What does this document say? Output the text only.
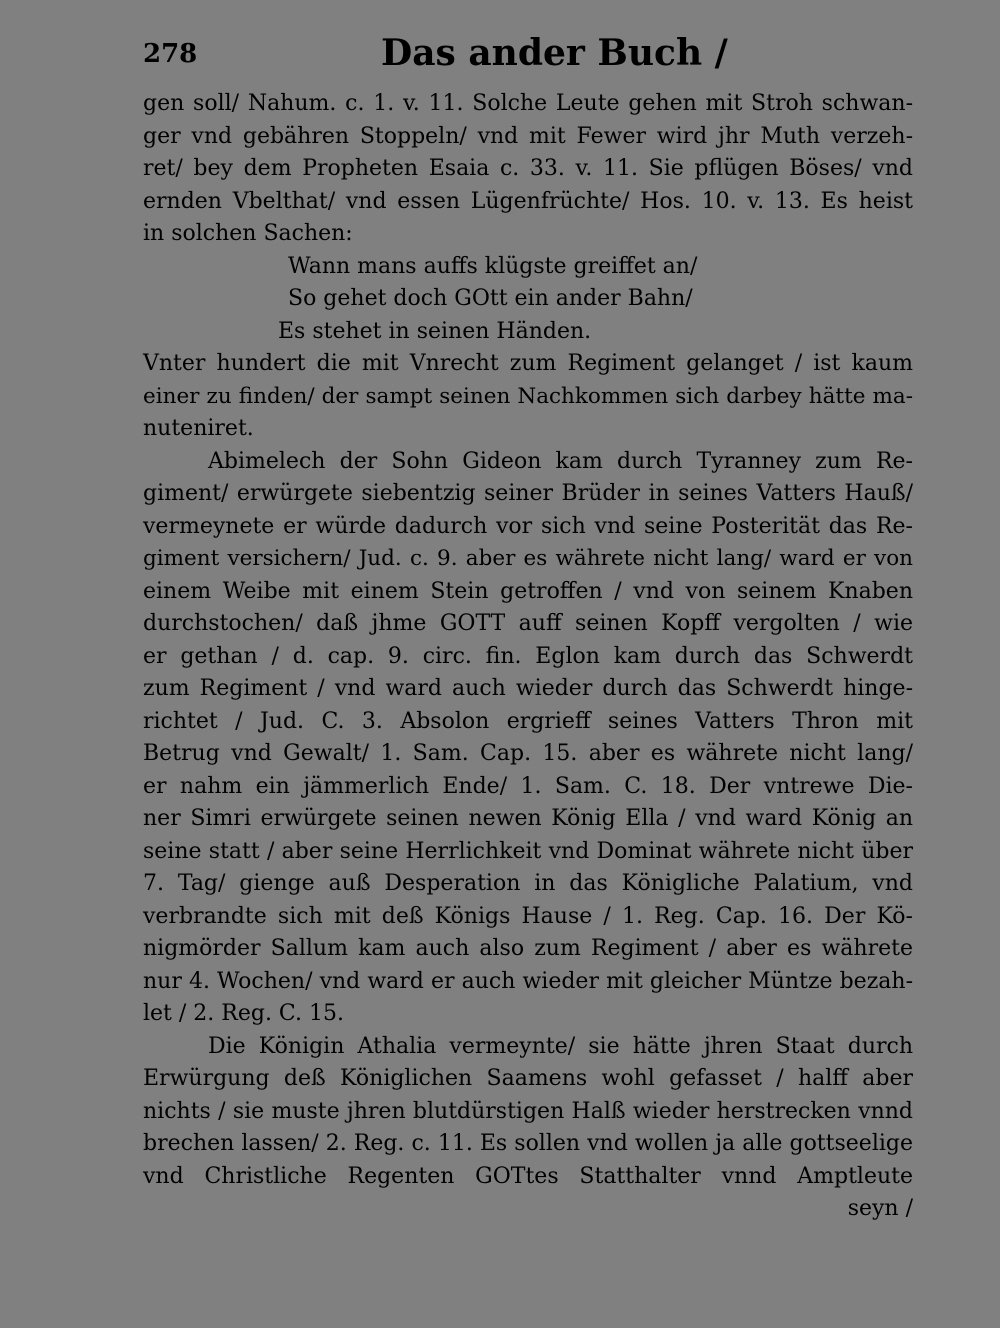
278	Das ander Buch /
gen soll/ Nahum. c. 1. v. 11. Solche Leute gehen mit Stroh schwan-
ger vnd gebähren Stoppeln/ vnd mit Fewer wird jhr Muth verzeh-
ret/ bey dem Propheten Esaia c. 33. v. 11. Sie pflügen Böses/ vnd
ernden Vbelthat/ vnd essen Lügenfrüchte/ Hos. 10. v. 13. Es heist
in solchen Sachen:
Wann mans auffs klügste greiffet an/
So gehet doch GOtt ein ander Bahn/
Es stehet in seinen Händen.
Vnter hundert die mit Vnrecht zum Regiment gelanget / ist kaum
einer zu finden/ der sampt seinen Nachkommen sich darbey hätte ma-
nuteniret.
Abimelech der Sohn Gideon kam durch Tyranney zum Re-
giment/ erwürgete siebentzig seiner Brüder in seines Vatters Hauß/
vermeynete er würde dadurch vor sich vnd seine Posterität das Re-
giment versichern/ Jud. c. 9. aber es währete nicht lang/ ward er von
einem Weibe mit einem Stein getroffen / vnd von seinem Knaben
durchstochen/ daß jhme GOTT auff seinen Kopff vergolten / wie
er gethan / d. cap. 9. circ. fin. Eglon kam durch das Schwerdt
zum Regiment / vnd ward auch wieder durch das Schwerdt hinge-
richtet / Jud. C. 3. Absolon ergrieff seines Vatters Thron mit
Betrug vnd Gewalt/ 1. Sam. Cap. 15. aber es währete nicht lang/
er nahm ein jämmerlich Ende/ 1. Sam. C. 18. Der vntrewe Die-
ner Simri erwürgete seinen newen König Ella / vnd ward König an
seine statt / aber seine Herrlichkeit vnd Dominat währete nicht über
7. Tag/ gienge auß Desperation in das Königliche Palatium, vnd
verbrandte sich mit deß Königs Hause / 1. Reg. Cap. 16. Der Kö-
nigmörder Sallum kam auch also zum Regiment / aber es währete
nur 4. Wochen/ vnd ward er auch wieder mit gleicher Müntze bezah-
let / 2. Reg. C. 15.
Die Königin Athalia vermeynte/ sie hätte jhren Staat durch
Erwürgung deß Königlichen Saamens wohl gefasset / halff aber
nichts / sie muste jhren blutdürstigen Halß wieder herstrecken vnnd
brechen lassen/ 2. Reg. c. 11. Es sollen vnd wollen ja alle gottseelige
vnd Christliche Regenten GOTtes Statthalter vnnd Amptleute
seyn /
